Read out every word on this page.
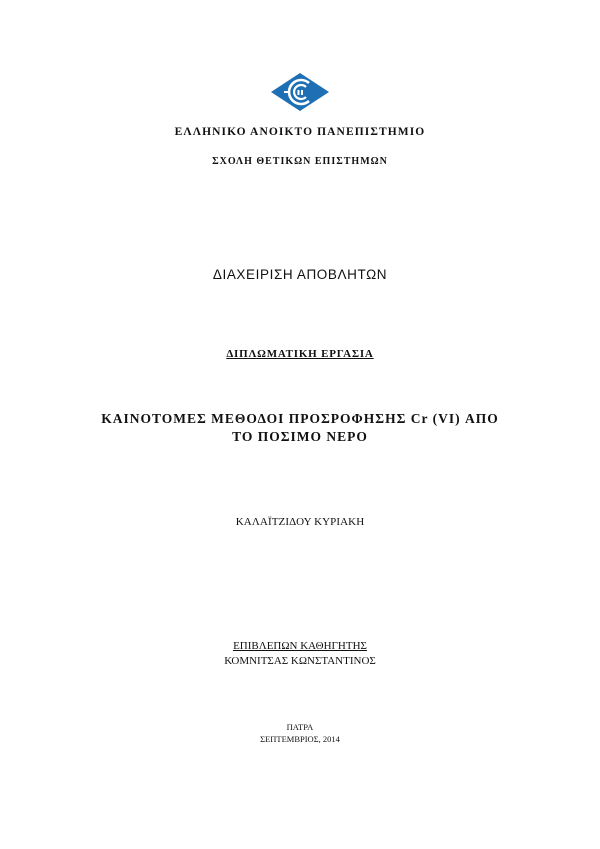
ΕΛΛΗΝΙΚΟ ΑΝΟΙΚΤΟ ΠΑΝΕΠΙΣΤΗΜΙΟ
ΣΧΟΛΗ ΘΕΤΙΚΩΝ ΕΠΙΣΤΗΜΩΝ
ΔΙΑΧΕΙΡΙΣΗ ΑΠΟΒΛΗΤΩΝ
ΔΙΠΛΩΜΑΤΙΚΗ ΕΡΓΑΣΙΑ
ΚΑΙΝΟΤΟΜΕΣ ΜΕΘΟΔΟΙ ΠΡΟΣΡΟΦΗΣΗΣ Cr (VI) ΑΠΟ
ΤΟ ΠΟΣΙΜΟ ΝΕΡΟ
ΚΑΛΑΪΤΖΙΔΟΥ ΚΥΡΙΑΚΗ
ΕΠΙΒΛΕΠΩΝ ΚΑΘΗΓΗΤΗΣ
ΚΟΜΝΙΤΣΑΣ ΚΩΝΣΤΑΝΤΙΝΟΣ
ΠΑΤΡΑ
ΣΕΠΤΕΜΒΡΙΟΣ, 2014
